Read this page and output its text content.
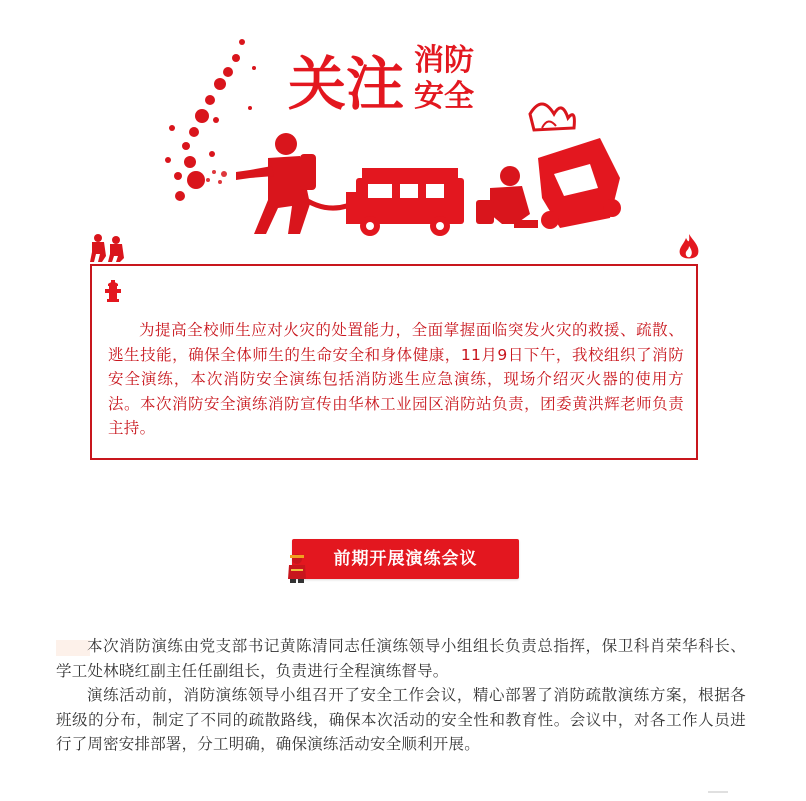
关注 消防
安全

为提高全校师生应对火灾的处置能力，全面掌握面临突发火灾的救援、疏散、逃生技能，确保全体师生的生命安全和身体健康，11月9日下午，我校组织了消防安全演练，本次消防安全演练包括消防逃生应急演练，现场介绍灭火器的使用方法。本次消防安全演练消防宣传由华林工业园区消防站负责，团委黄洪辉老师负责主持。

前期开展演练会议

本次消防演练由党支部书记黄陈清同志任演练领导小组组长负责总指挥，保卫科肖荣华科长、学工处林晓红副主任任副组长，负责进行全程演练督导。

演练活动前，消防演练领导小组召开了安全工作会议，精心部署了消防疏散演练方案，根据各班级的分布，制定了不同的疏散路线，确保本次活动的安全性和教育性。会议中，对各工作人员进行了周密安排部署，分工明确，确保演练活动安全顺利开展。
